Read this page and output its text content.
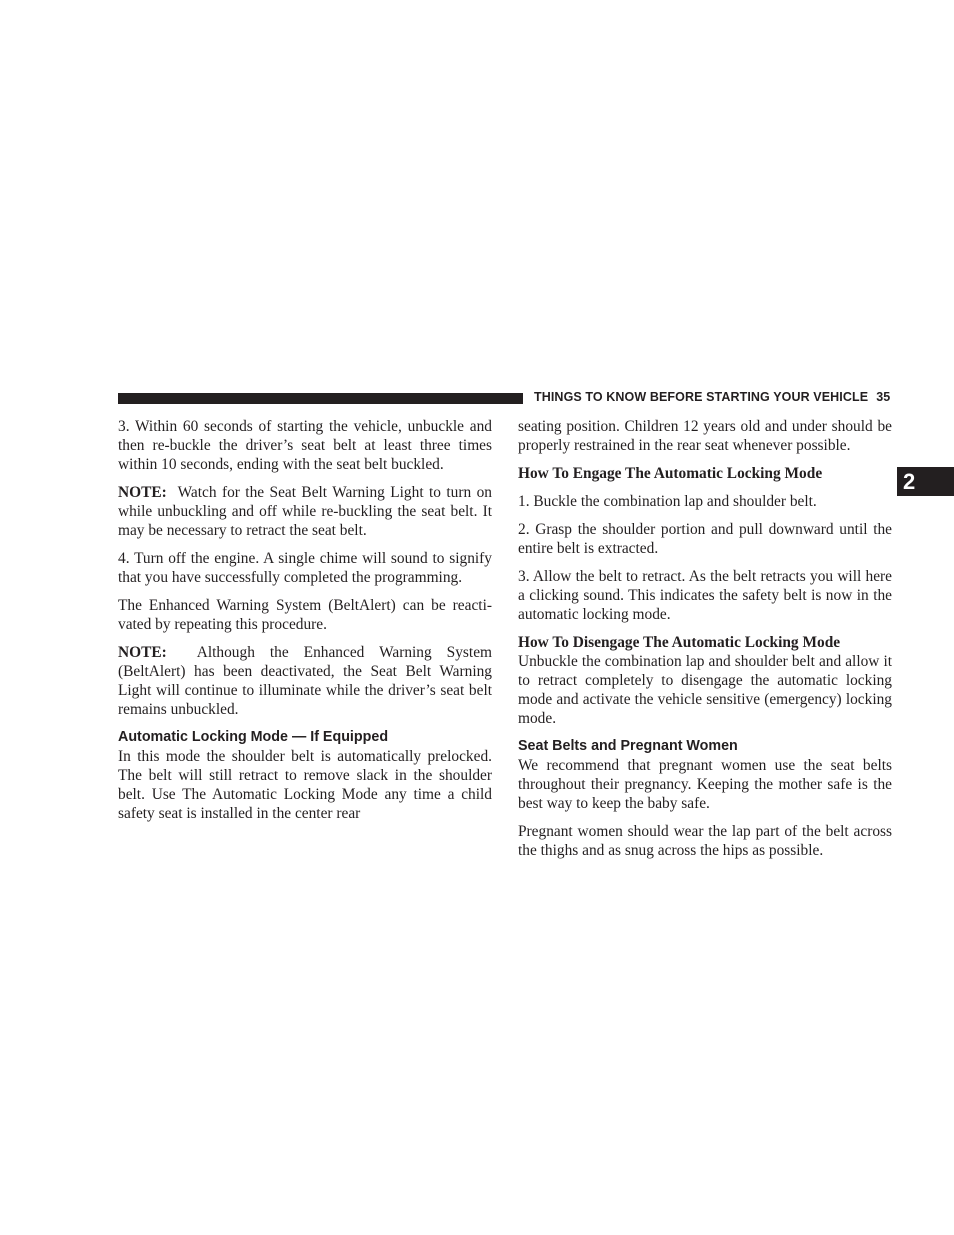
THINGS TO KNOW BEFORE STARTING YOUR VEHICLE 35
2

3. Within 60 seconds of starting the vehicle, unbuckle and then re-buckle the driver’s seat belt at least three times within 10 seconds, ending with the seat belt buckled.

NOTE: Watch for the Seat Belt Warning Light to turn on while unbuckling and off while re-buckling the seat belt. It may be necessary to retract the seat belt.

4. Turn off the engine. A single chime will sound to signify that you have successfully completed the programming.

The Enhanced Warning System (BeltAlert) can be reactivated by repeating this procedure.

NOTE: Although the Enhanced Warning System (BeltAlert) has been deactivated, the Seat Belt Warning Light will continue to illuminate while the driver’s seat belt remains unbuckled.

Automatic Locking Mode — If Equipped

In this mode the shoulder belt is automatically prelocked. The belt will still retract to remove slack in the shoulder belt. Use The Automatic Locking Mode any time a child safety seat is installed in the center rear

seating position. Children 12 years old and under should be properly restrained in the rear seat whenever possible.

How To Engage The Automatic Locking Mode

1. Buckle the combination lap and shoulder belt.

2. Grasp the shoulder portion and pull downward until the entire belt is extracted.

3. Allow the belt to retract. As the belt retracts you will here a clicking sound. This indicates the safety belt is now in the automatic locking mode.

How To Disengage The Automatic Locking Mode

Unbuckle the combination lap and shoulder belt and allow it to retract completely to disengage the automatic locking mode and activate the vehicle sensitive (emergency) locking mode.

Seat Belts and Pregnant Women

We recommend that pregnant women use the seat belts throughout their pregnancy. Keeping the mother safe is the best way to keep the baby safe.

Pregnant women should wear the lap part of the belt across the thighs and as snug across the hips as possible.
